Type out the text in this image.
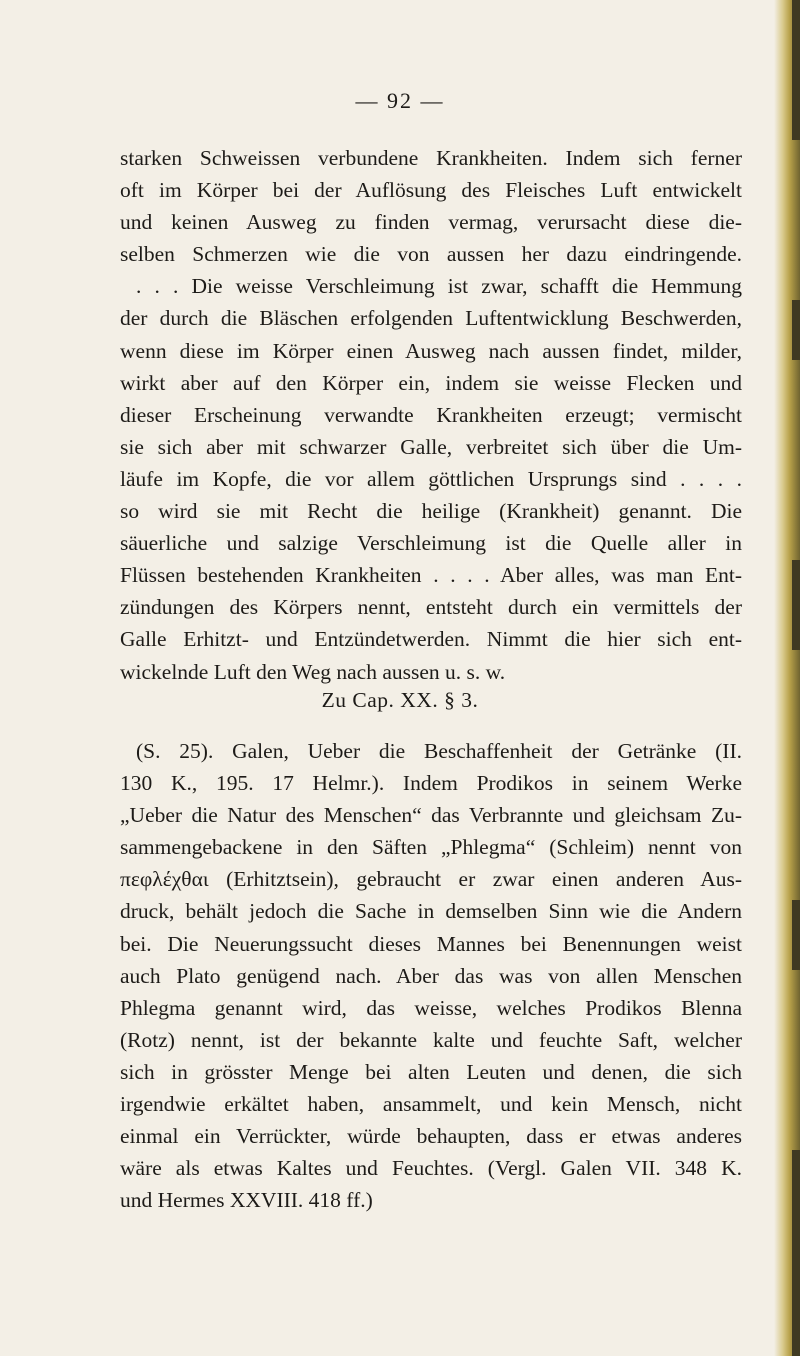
— 92 —
starken Schweissen verbundene Krankheiten. Indem sich ferner
oft im Körper bei der Auflösung des Fleisches Luft entwickelt
und keinen Ausweg zu finden vermag, verursacht diese die-
selben Schmerzen wie die von aussen her dazu eindringende.
. . . Die weisse Verschleimung ist zwar, schafft die Hemmung
der durch die Bläschen erfolgenden Luftentwicklung Beschwerden,
wenn diese im Körper einen Ausweg nach aussen findet, milder,
wirkt aber auf den Körper ein, indem sie weisse Flecken und
dieser Erscheinung verwandte Krankheiten erzeugt; vermischt
sie sich aber mit schwarzer Galle, verbreitet sich über die Um-
läufe im Kopfe, die vor allem göttlichen Ursprungs sind . . . .
so wird sie mit Recht die heilige (Krankheit) genannt. Die
säuerliche und salzige Verschleimung ist die Quelle aller in
Flüssen bestehenden Krankheiten . . . . Aber alles, was man Ent-
zündungen des Körpers nennt, entsteht durch ein vermittels der
Galle Erhitzt- und Entzündetwerden. Nimmt die hier sich ent-
wickelnde Luft den Weg nach aussen u. s. w.
Zu Cap. XX. § 3.
(S. 25). Galen, Ueber die Beschaffenheit der Getränke (II.
130 K., 195. 17 Helmr.). Indem Prodikos in seinem Werke
„Ueber die Natur des Menschen“ das Verbrannte und gleichsam Zu-
sammengebackene in den Säften „Phlegma“ (Schleim) nennt von
πεφλέχθαι (Erhitztsein), gebraucht er zwar einen anderen Aus-
druck, behält jedoch die Sache in demselben Sinn wie die Andern
bei. Die Neuerungssucht dieses Mannes bei Benennungen weist
auch Plato genügend nach. Aber das was von allen Menschen
Phlegma genannt wird, das weisse, welches Prodikos Blenna
(Rotz) nennt, ist der bekannte kalte und feuchte Saft, welcher
sich in grösster Menge bei alten Leuten und denen, die sich
irgendwie erkältet haben, ansammelt, und kein Mensch, nicht
einmal ein Verrückter, würde behaupten, dass er etwas anderes
wäre als etwas Kaltes und Feuchtes. (Vergl. Galen VII. 348 K.
und Hermes XXVIII. 418 ff.)
